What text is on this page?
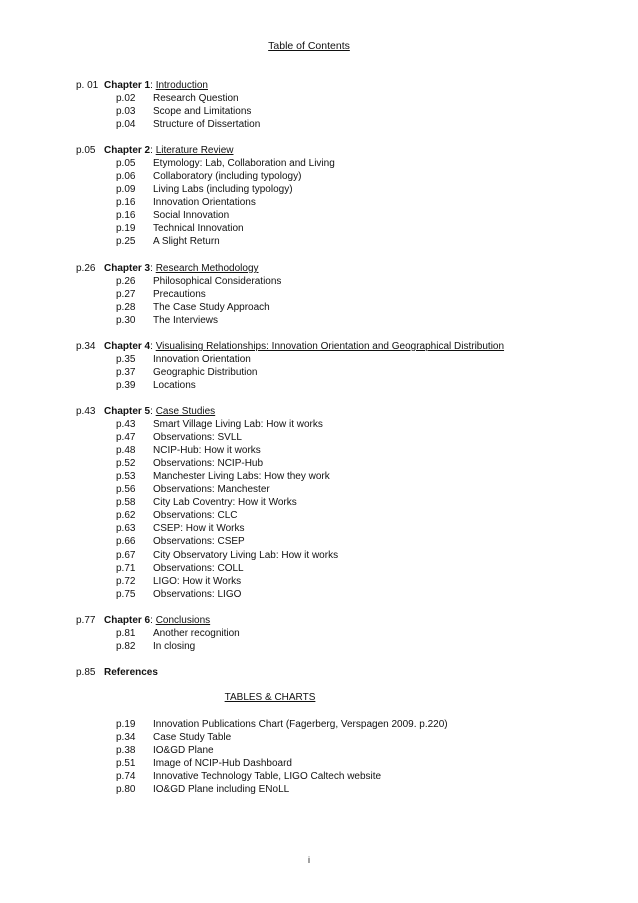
Table of Contents
p. 01 Chapter 1: Introduction
p.02 Research Question
p.03 Scope and Limitations
p.04 Structure of Dissertation
p.05 Chapter 2: Literature Review
p.05 Etymology: Lab, Collaboration and Living
p.06 Collaboratory (including typology)
p.09 Living Labs (including typology)
p.16 Innovation Orientations
p.16 Social Innovation
p.19 Technical Innovation
p.25 A Slight Return
p.26 Chapter 3: Research Methodology
p.26 Philosophical Considerations
p.27 Precautions
p.28 The Case Study Approach
p.30 The Interviews
p.34 Chapter 4: Visualising Relationships: Innovation Orientation and Geographical Distribution
p.35 Innovation Orientation
p.37 Geographic Distribution
p.39 Locations
p.43 Chapter 5: Case Studies
p.43 Smart Village Living Lab: How it works
p.47 Observations: SVLL
p.48 NCIP-Hub: How it works
p.52 Observations: NCIP-Hub
p.53 Manchester Living Labs: How they work
p.56 Observations: Manchester
p.58 City Lab Coventry: How it Works
p.62 Observations: CLC
p.63 CSEP: How it Works
p.66 Observations: CSEP
p.67 City Observatory Living Lab: How it works
p.71 Observations: COLL
p.72 LIGO: How it Works
p.75 Observations: LIGO
p.77 Chapter 6: Conclusions
p.81 Another recognition
p.82 In closing
p.85 References
TABLES & CHARTS
p.19 Innovation Publications Chart (Fagerberg, Verspagen 2009. p.220)
p.34 Case Study Table
p.38 IO&GD Plane
p.51 Image of NCIP-Hub Dashboard
p.74 Innovative Technology Table, LIGO Caltech website
p.80 IO&GD Plane including ENoLL
i
